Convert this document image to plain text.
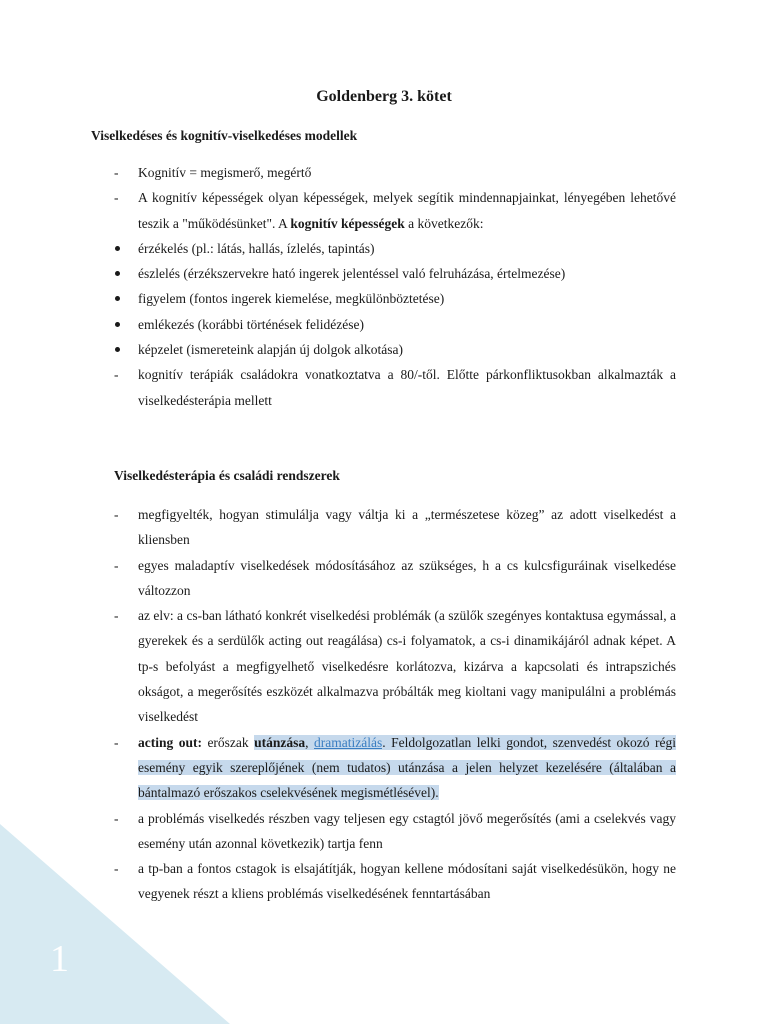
Goldenberg 3. kötet
Viselkedéses és kognitív-viselkedéses modellek
-	Kognitív = megismerő, megértő
-	A kognitív képességek olyan képességek, melyek segítik mindennapjainkat, lényegében lehetővé teszik a "működésünket". A kognitív képességek a következők:
érzékelés (pl.: látás, hallás, ízlelés, tapintás)
észlelés (érzékszervekre ható ingerek jelentéssel való felruházása, értelmezése)
figyelem (fontos ingerek kiemelése, megkülönböztetése)
emlékezés (korábbi történések felidézése)
képzelet (ismereteink alapján új dolgok alkotása)
-	kognitív terápiák családokra vonatkoztatva a 80/-től. Előtte párkonfliktusokban alkalmazták a viselkedésterápia mellett
Viselkedésterápia és családi rendszerek
-	megfigyelték, hogyan stimulálja vagy váltja ki a „természetese közeg” az adott viselkedést a kliensben
-	egyes maladaptív viselkedések módosításához az szükséges, h a cs kulcsfiguráinak viselkedése változzon
-	az elv: a cs-ban látható konkrét viselkedési problémák (a szülők szegényes kontaktusa egymással, a gyerekek és a serdülők acting out reagálása) cs-i folyamatok, a cs-i dinamikájáról adnak képet. A tp-s befolyást a megfigyelhető viselkedésre korlátozva, kizárva a kapcsolati és intrapszichés okságot, a megerősítés eszközét alkalmazva próbálták meg kioltani vagy manipulálni a problémás viselkedést
-	acting out: erőszak utánzása, dramatizálás. Feldolgozatlan lelki gondot, szenvedést okozó régi esemény egyik szereplőjének (nem tudatos) utánzása a jelen helyzet kezelésére (általában a bántalmazó erőszakos cselekvésének megismétlésével).
-	a problémás viselkedés részben vagy teljesen egy cstagtól jövő megerősítés (ami a cselekvés vagy esemény után azonnal következik) tartja fenn
-	a tp-ban a fontos cstagok is elsajátítják, hogyan kellene módosítani saját viselkedésükön, hogy ne vegyenek részt a kliens problémás viselkedésének fenntartásában
1
